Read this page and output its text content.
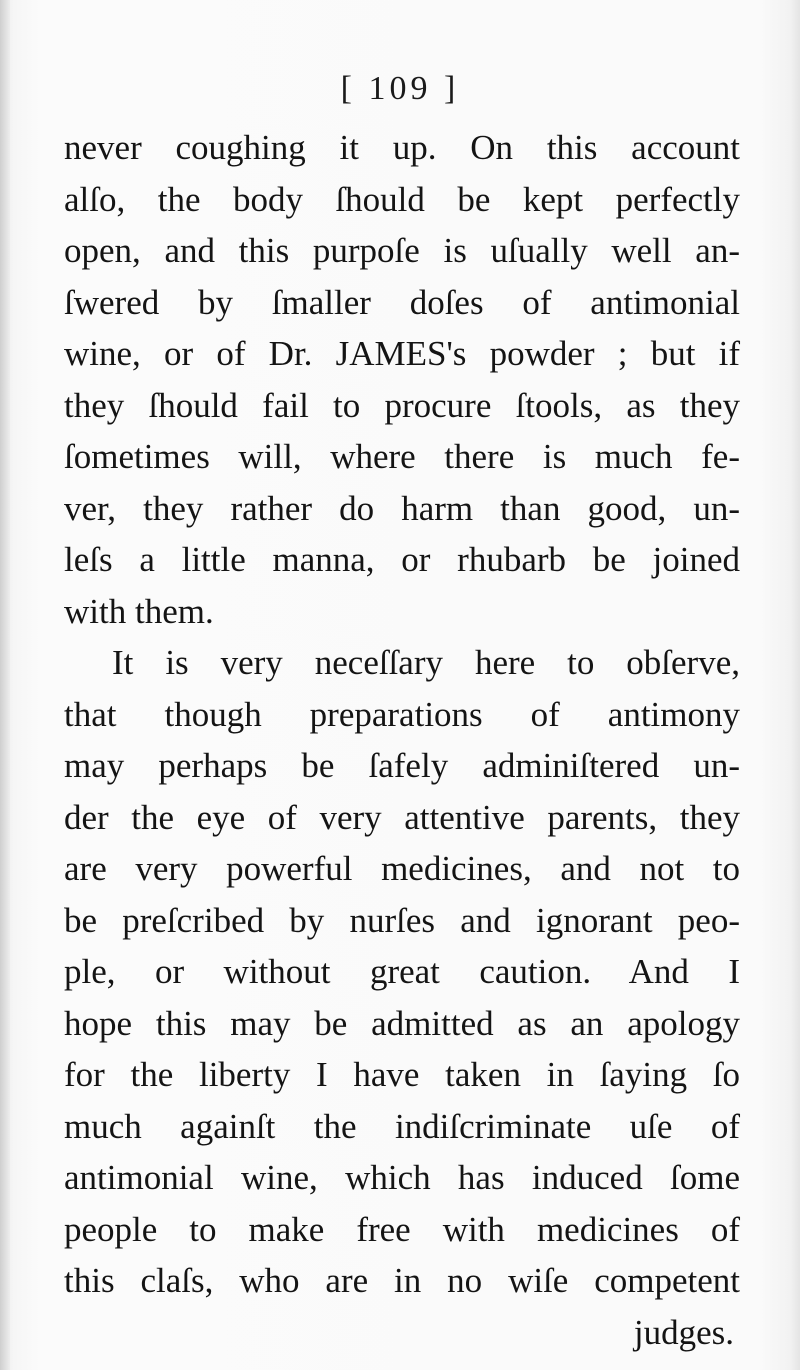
[ 109 ]
never coughing it up. On this account
alſo, the body ſhould be kept perfectly
open, and this purpoſe is uſually well an-
ſwered by ſmaller doſes of antimonial
wine, or of Dr. JAMES's powder ; but if
they ſhould fail to procure ſtools, as they
ſometimes will, where there is much fe-
ver, they rather do harm than good, un-
leſs a little manna, or rhubarb be joined
with them.
It is very neceſſary here to obſerve,
that though preparations of antimony
may perhaps be ſafely adminiſtered un-
der the eye of very attentive parents, they
are very powerful medicines, and not to
be preſcribed by nurſes and ignorant peo-
ple, or without great caution. And I
hope this may be admitted as an apology
for the liberty I have taken in ſaying ſo
much againſt the indiſcriminate uſe of
antimonial wine, which has induced ſome
people to make free with medicines of
this claſs, who are in no wiſe competent
judges.
